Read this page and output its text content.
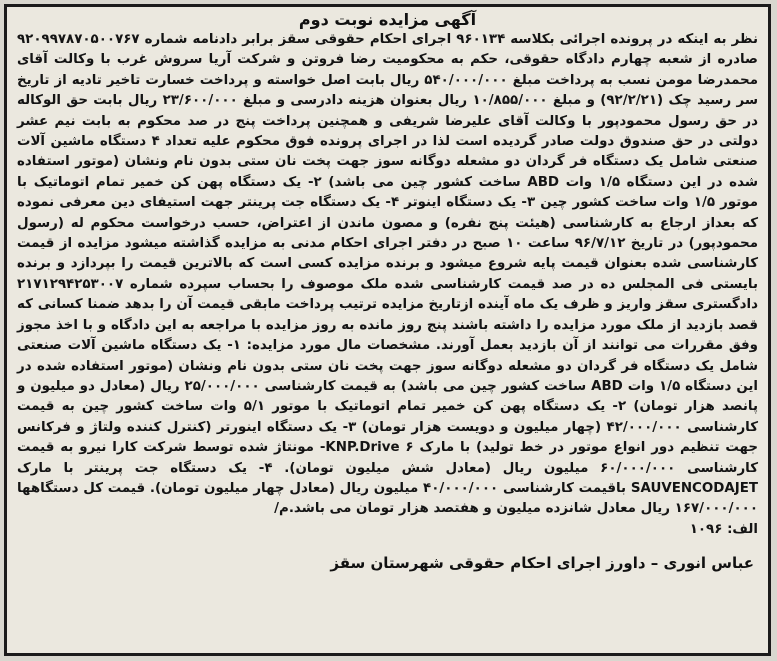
آگهی مزایده نوبت دوم

نظر به اینکه در پرونده اجرائی بکلاسه ۹۶۰۱۳۴ اجرای احکام حقوقی سقز برابر دادنامه شماره ۹۲۰۹۹۷۸۷۰۵۰۰۷۶۷ صادره از شعبه چهارم دادگاه حقوقی، حکم به محکومیت رضا فروتن و شرکت آریا سروش غرب با وکالت آقای محمدرضا مومن نسب به پرداخت مبلغ ۵۴۰/۰۰۰/۰۰۰ ریال بابت اصل خواسته و پرداخت خسارت تاخیر تادیه از تاریخ سر رسید چک (۹۲/۲/۲۱) و مبلغ ۱۰/۸۵۵/۰۰۰ ریال بعنوان هزینه دادرسی و مبلغ ۲۳/۶۰۰/۰۰۰ ریال بابت حق الوکاله در حق رسول محمودپور با وکالت آقای علیرضا شریفی و همچنین پرداخت پنج در صد محکوم به بابت نیم عشر دولتی در حق صندوق دولت صادر گردیده است لذا در اجرای پرونده فوق محکوم علیه تعداد ۴ دستگاه ماشین آلات صنعتی شامل یک دستگاه فر گردان دو مشعله دوگانه سوز جهت پخت نان ستی بدون نام ونشان (موتور استفاده شده در این دستگاه ۱/۵ وات ABD ساخت کشور چین می باشد) ۲- یک دستگاه پهن کن خمیر تمام اتوماتیک با موتور ۱/۵ وات ساخت کشور چین ۳- یک دستگاه اینوتر ۴- یک دستگاه جت پرینتر جهت استیفای دین معرفی نموده که بعداز ارجاع به کارشناسی (هیئت پنج نفره) و مصون ماندن از اعتراض، حسب درخواست محکوم له (رسول محمودپور) در تاریخ ۹۶/۷/۱۲ ساعت ۱۰ صبح در دفتر اجرای احکام مدنی به مزایده گذاشته میشود مزایده از قیمت کارشناسی شده بعنوان قیمت پایه شروع میشود و برنده مزایده کسی است که بالاترین قیمت را بپردازد و برنده بایستی فی المجلس ده در صد قیمت کارشناسی شده ملک موصوف را بحساب سپرده شماره ۲۱۷۱۲۹۴۲۵۳۰۰۷ دادگستری سقز واریز و ظرف یک ماه آینده ازتاریخ مزایده ترتیب پرداخت مابقی قیمت آن را بدهد ضمنا کسانی که قصد بازدید از ملک مورد مزایده را داشته باشند پنج روز مانده به روز مزایده با مراجعه به این دادگاه و با اخذ مجوز وفق مقررات می توانند از آن بازدید بعمل آورند. مشخصات مال مورد مزایده: ۱- یک دستگاه ماشین آلات صنعتی شامل یک دستگاه فر گردان دو مشعله دوگانه سوز جهت پخت نان ستی بدون نام ونشان (موتور استفاده شده در این دستگاه ۱/۵ وات ABD ساخت کشور چین می باشد) به قیمت کارشناسی ۲۵/۰۰۰/۰۰۰ ریال (معادل دو میلیون و پانصد هزار تومان) ۲- یک دستگاه پهن کن خمیر تمام اتوماتیک با موتور ۵/۱ وات ساخت کشور چین به قیمت کارشناسی ۴۲/۰۰۰/۰۰۰ (چهار میلیون و دویست هزار تومان) ۳- یک دستگاه اینورتر (کنترل کننده ولتاژ و فرکانس جهت تنظیم دور انواع موتور در خط تولید) با مارک KNP.Drive ۶- مونتاژ شده توسط شرکت کارا نیرو به قیمت کارشناسی ۶۰/۰۰۰/۰۰۰ میلیون ریال (معادل شش میلیون تومان). ۴- یک دستگاه جت پرینتر با مارک SAUVENCODAJET باقیمت کارشناسی ۴۰/۰۰۰/۰۰۰ میلیون ریال (معادل چهار میلیون تومان). قیمت کل دستگاهها ۱۶۷/۰۰۰/۰۰۰ ریال معادل شانزده میلیون و هفتصد هزار تومان می باشد.م/

الف: ۱۰۹۶
عباس انوری – داورز اجرای احکام حقوقی شهرستان سقز
